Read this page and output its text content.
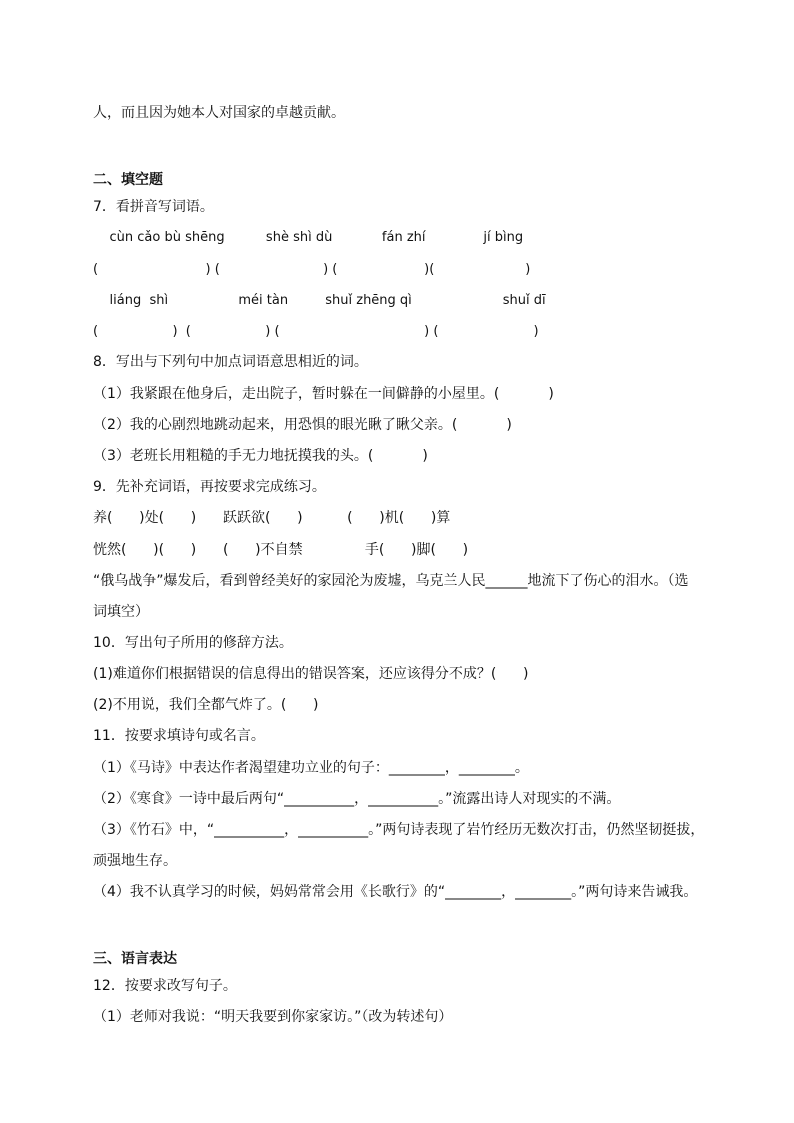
人，而且因为她本人对国家的卓越贡献。
二、填空题
7．看拼音写词语。
cùn cǎo bù shēng          shè shì dù            fán zhí              jí bìng
(                          ) (                         ) (                     )(                      )
liáng  shì                 méi tàn         shuǐ zhēng qì                      shuǐ dī
(                  )  (                  ) (                                   ) (                       )
8．写出与下列句中加点词语意思相近的词。
（1）我紧跟在他身后，走出院子，暂时躲在一间僻静的小屋里。(           )
（2）我的心剧烈地跳动起来，用恐惧的眼光瞅了瞅父亲。(           )
（3）老班长用粗糙的手无力地抚摸我的头。(           )
9．先补充词语，再按要求完成练习。
养(      )处(      )      跃跃欲(      )          (      )机(      )算
恍然(      )(      )      (      )不自禁              手(      )脚(      )
“俄乌战争”爆发后，看到曾经美好的家园沦为废墟，乌克兰人民______地流下了伤心的泪水。（选
词填空）
10．写出句子所用的修辞方法。
(1)难道你们根据错误的信息得出的错误答案，还应该得分不成？(      )
(2)不用说，我们全都气炸了。(      )
11．按要求填诗句或名言。
（1）《马诗》中表达作者渴望建功立业的句子：________，________。
（2）《寒食》一诗中最后两句“__________，__________。”流露出诗人对现实的不满。
（3）《竹石》中，“__________，__________。”两句诗表现了岩竹经历无数次打击，仍然坚韧挺拔，
顽强地生存。
（4）我不认真学习的时候，妈妈常常会用《长歌行》的“________，________。”两句诗来告诫我。
三、语言表达
12．按要求改写句子。
（1）老师对我说：“明天我要到你家家访。”（改为转述句）
